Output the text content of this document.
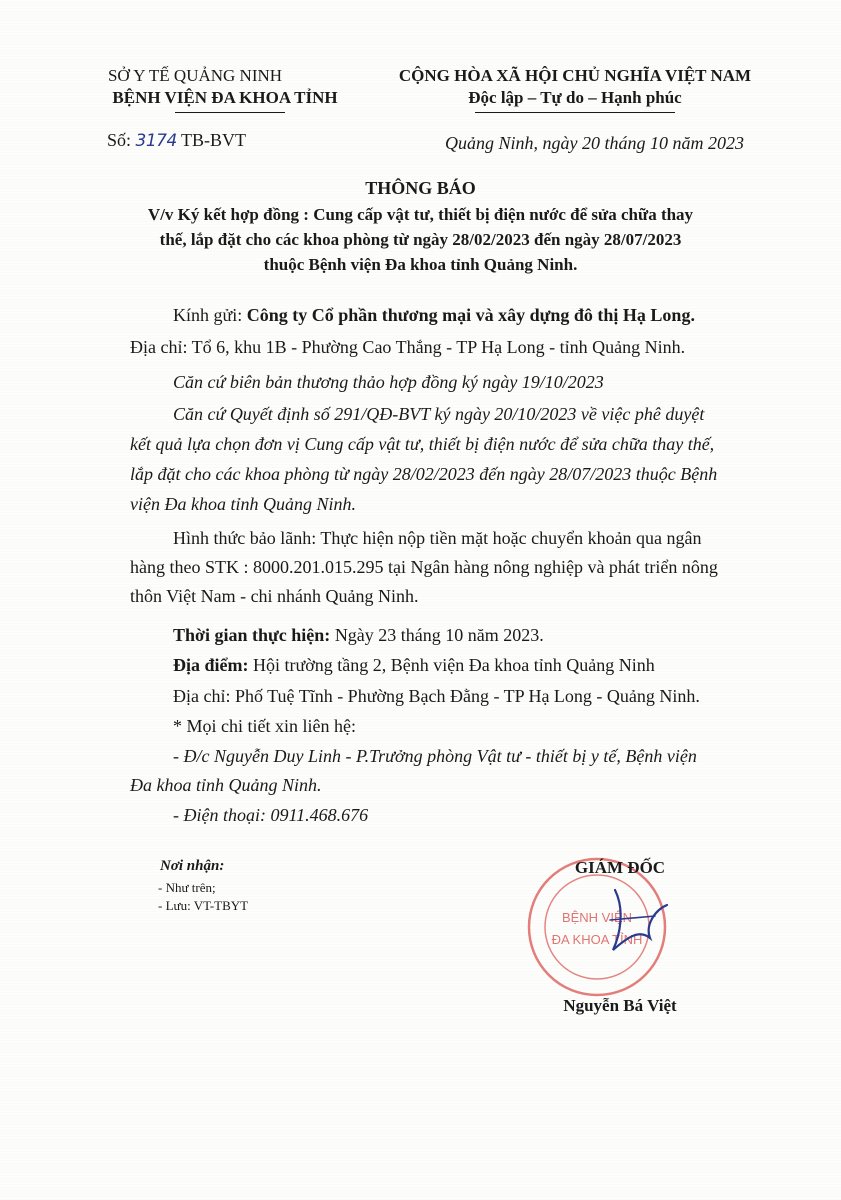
SỞ Y TẾ QUẢNG NINH
BỆNH VIỆN ĐA KHOA TỈNH
CỘNG HÒA XÃ HỘI CHỦ NGHĨA VIỆT NAM
Độc lập – Tự do – Hạnh phúc
Số: 3174 TB-BVT	Quảng Ninh, ngày 20 tháng 10 năm 2023
THÔNG BÁO
V/v Ký kết hợp đồng : Cung cấp vật tư, thiết bị điện nước để sửa chữa thay
thế, lắp đặt cho các khoa phòng từ ngày 28/02/2023 đến ngày 28/07/2023
thuộc Bệnh viện Đa khoa tỉnh Quảng Ninh.
Kính gửi: Công ty Cổ phần thương mại và xây dựng đô thị Hạ Long.
Địa chỉ: Tổ 6, khu 1B - Phường Cao Thắng - TP Hạ Long - tỉnh Quảng Ninh.
Căn cứ biên bản thương thảo hợp đồng ký ngày 19/10/2023
Căn cứ Quyết định số 291/QĐ-BVT ký ngày 20/10/2023 về việc phê duyệt
kết quả lựa chọn đơn vị Cung cấp vật tư, thiết bị điện nước để sửa chữa thay thế,
lắp đặt cho các khoa phòng từ ngày 28/02/2023 đến ngày 28/07/2023 thuộc Bệnh
viện Đa khoa tỉnh Quảng Ninh.
Hình thức bảo lãnh: Thực hiện nộp tiền mặt hoặc chuyển khoản qua ngân
hàng theo STK : 8000.201.015.295 tại Ngân hàng nông nghiệp và phát triển nông
thôn Việt Nam - chi nhánh Quảng Ninh.
Thời gian thực hiện: Ngày 23 tháng 10 năm 2023.
Địa điểm: Hội trường tầng 2, Bệnh viện Đa khoa tỉnh Quảng Ninh
Địa chỉ: Phố Tuệ Tĩnh - Phường Bạch Đằng - TP Hạ Long - Quảng Ninh.
* Mọi chi tiết xin liên hệ:
- Đ/c Nguyễn Duy Linh - P.Trưởng phòng Vật tư - thiết bị y tế, Bệnh viện
Đa khoa tỉnh Quảng Ninh.
- Điện thoại: 0911.468.676
Nơi nhận:
- Như trên;
- Lưu: VT-TBYT
BỆNH VIỆN
ĐA KHOA TỈNH
GIÁM ĐỐC
Nguyễn Bá Việt
